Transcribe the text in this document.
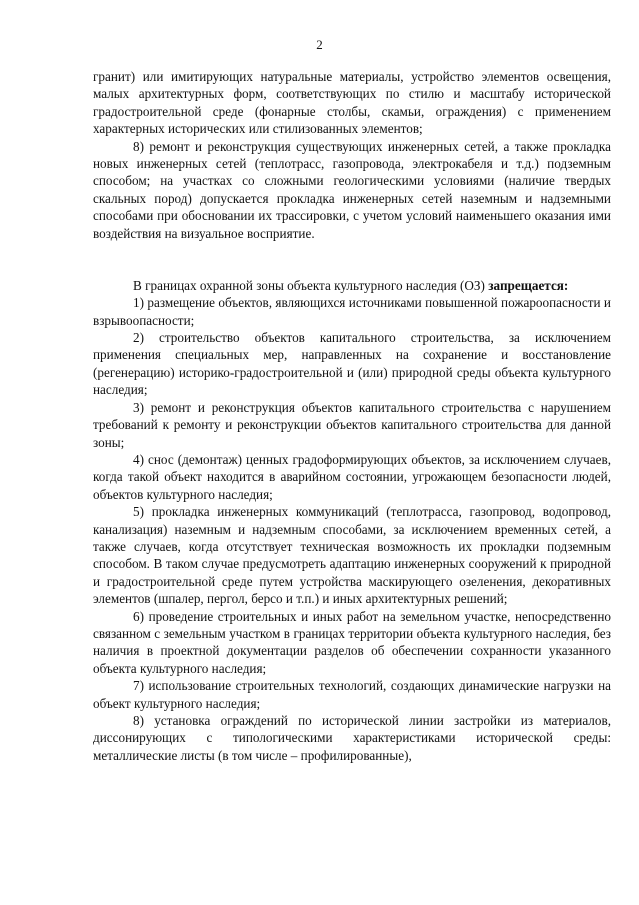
2

гранит) или имитирующих натуральные материалы, устройство элементов освещения, малых архитектурных форм, соответствующих по стилю и масштабу исторической градостроительной среде (фонарные столбы, скамьи, ограждения) с применением характерных исторических или стилизованных элементов;

8) ремонт и реконструкция существующих инженерных сетей, а также прокладка новых инженерных сетей (теплотрасс, газопровода, электрокабеля и т.д.) подземным способом; на участках со сложными геологическими условиями (наличие твердых скальных пород) допускается прокладка инженерных сетей наземным и надземными способами при обосновании их трассировки, с учетом условий наименьшего оказания ими воздействия на визуальное восприятие.

В границах охранной зоны объекта культурного наследия (ОЗ) запрещается:

1) размещение объектов, являющихся источниками повышенной пожароопасности и взрывоопасности;

2) строительство объектов капитального строительства, за исключением применения специальных мер, направленных на сохранение и восстановление (регенерацию) историко-градостроительной и (или) природной среды объекта культурного наследия;

3) ремонт и реконструкция объектов капитального строительства с нарушением требований к ремонту и реконструкции объектов капитального строительства для данной зоны;

4) снос (демонтаж) ценных градоформирующих объектов, за исключением случаев, когда такой объект находится в аварийном состоянии, угрожающем безопасности людей, объектов культурного наследия;

5) прокладка инженерных коммуникаций (теплотрасса, газопровод, водопровод, канализация) наземным и надземным способами, за исключением временных сетей, а также случаев, когда отсутствует техническая возможность их прокладки подземным способом. В таком случае предусмотреть адаптацию инженерных сооружений к природной и градостроительной среде путем устройства маскирующего озеленения, декоративных элементов (шпалер, пергол, берсо и т.п.) и иных архитектурных решений;

6) проведение строительных и иных работ на земельном участке, непосредственно связанном с земельным участком в границах территории объекта культурного наследия, без наличия в проектной документации разделов об обеспечении сохранности указанного объекта культурного наследия;

7) использование строительных технологий, создающих динамические нагрузки на объект культурного наследия;

8) установка ограждений по исторической линии застройки из материалов, диссонирующих с типологическими характеристиками исторической среды: металлические листы (в том числе – профилированные),
